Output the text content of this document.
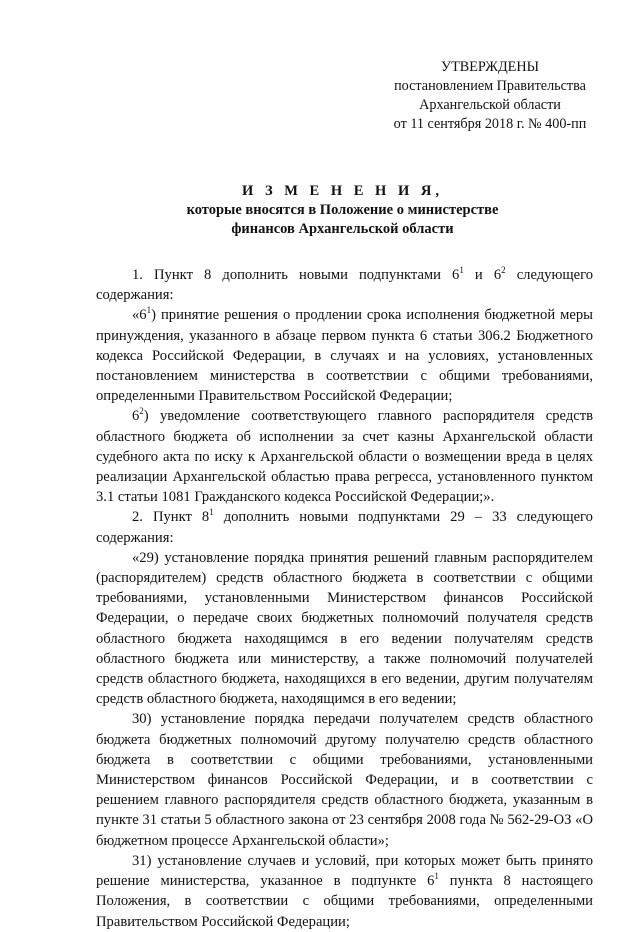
УТВЕРЖДЕНЫ
постановлением Правительства
Архангельской области
от 11 сентября 2018 г. № 400-пп
И З М Е Н Е Н И Я,
которые вносятся в Положение о министерстве
финансов Архангельской области

1. Пункт 8 дополнить новыми подпунктами $6^1$ и $6^2$ следующего содержания:

«$6^1$) принятие решения о продлении срока исполнения бюджетной меры принуждения, указанного в абзаце первом пункта 6 статьи 306.2 Бюджетного кодекса Российской Федерации, в случаях и на условиях, установленных постановлением министерства в соответствии с общими требованиями, определенными Правительством Российской Федерации;

$6^2$) уведомление соответствующего главного распорядителя средств областного бюджета об исполнении за счет казны Архангельской области судебного акта по иску к Архангельской области о возмещении вреда в целях реализации Архангельской областью права регресса, установленного пунктом 3.1 статьи 1081 Гражданского кодекса Российской Федерации;».

2. Пункт $8^1$ дополнить новыми подпунктами 29 – 33 следующего содержания:

«29) установление порядка принятия решений главным распорядителем (распорядителем) средств областного бюджета в соответствии с общими требованиями, установленными Министерством финансов Российской Федерации, о передаче своих бюджетных полномочий получателя средств областного бюджета находящимся в его ведении получателям средств областного бюджета или министерству, а также полномочий получателей средств областного бюджета, находящихся в его ведении, другим получателям средств областного бюджета, находящимся в его ведении;

30) установление порядка передачи получателем средств областного бюджета бюджетных полномочий другому получателю средств областного бюджета в соответствии с общими требованиями, установленными Министерством финансов Российской Федерации, и в соответствии с решением главного распорядителя средств областного бюджета, указанным в пункте 31 статьи 5 областного закона от 23 сентября 2008 года № 562-29-ОЗ «О бюджетном процессе Архангельской области»;

31) установление случаев и условий, при которых может быть принято решение министерства, указанное в подпункте $6^1$ пункта 8 настоящего Положения, в соответствии с общими требованиями, определенными Правительством Российской Федерации;
